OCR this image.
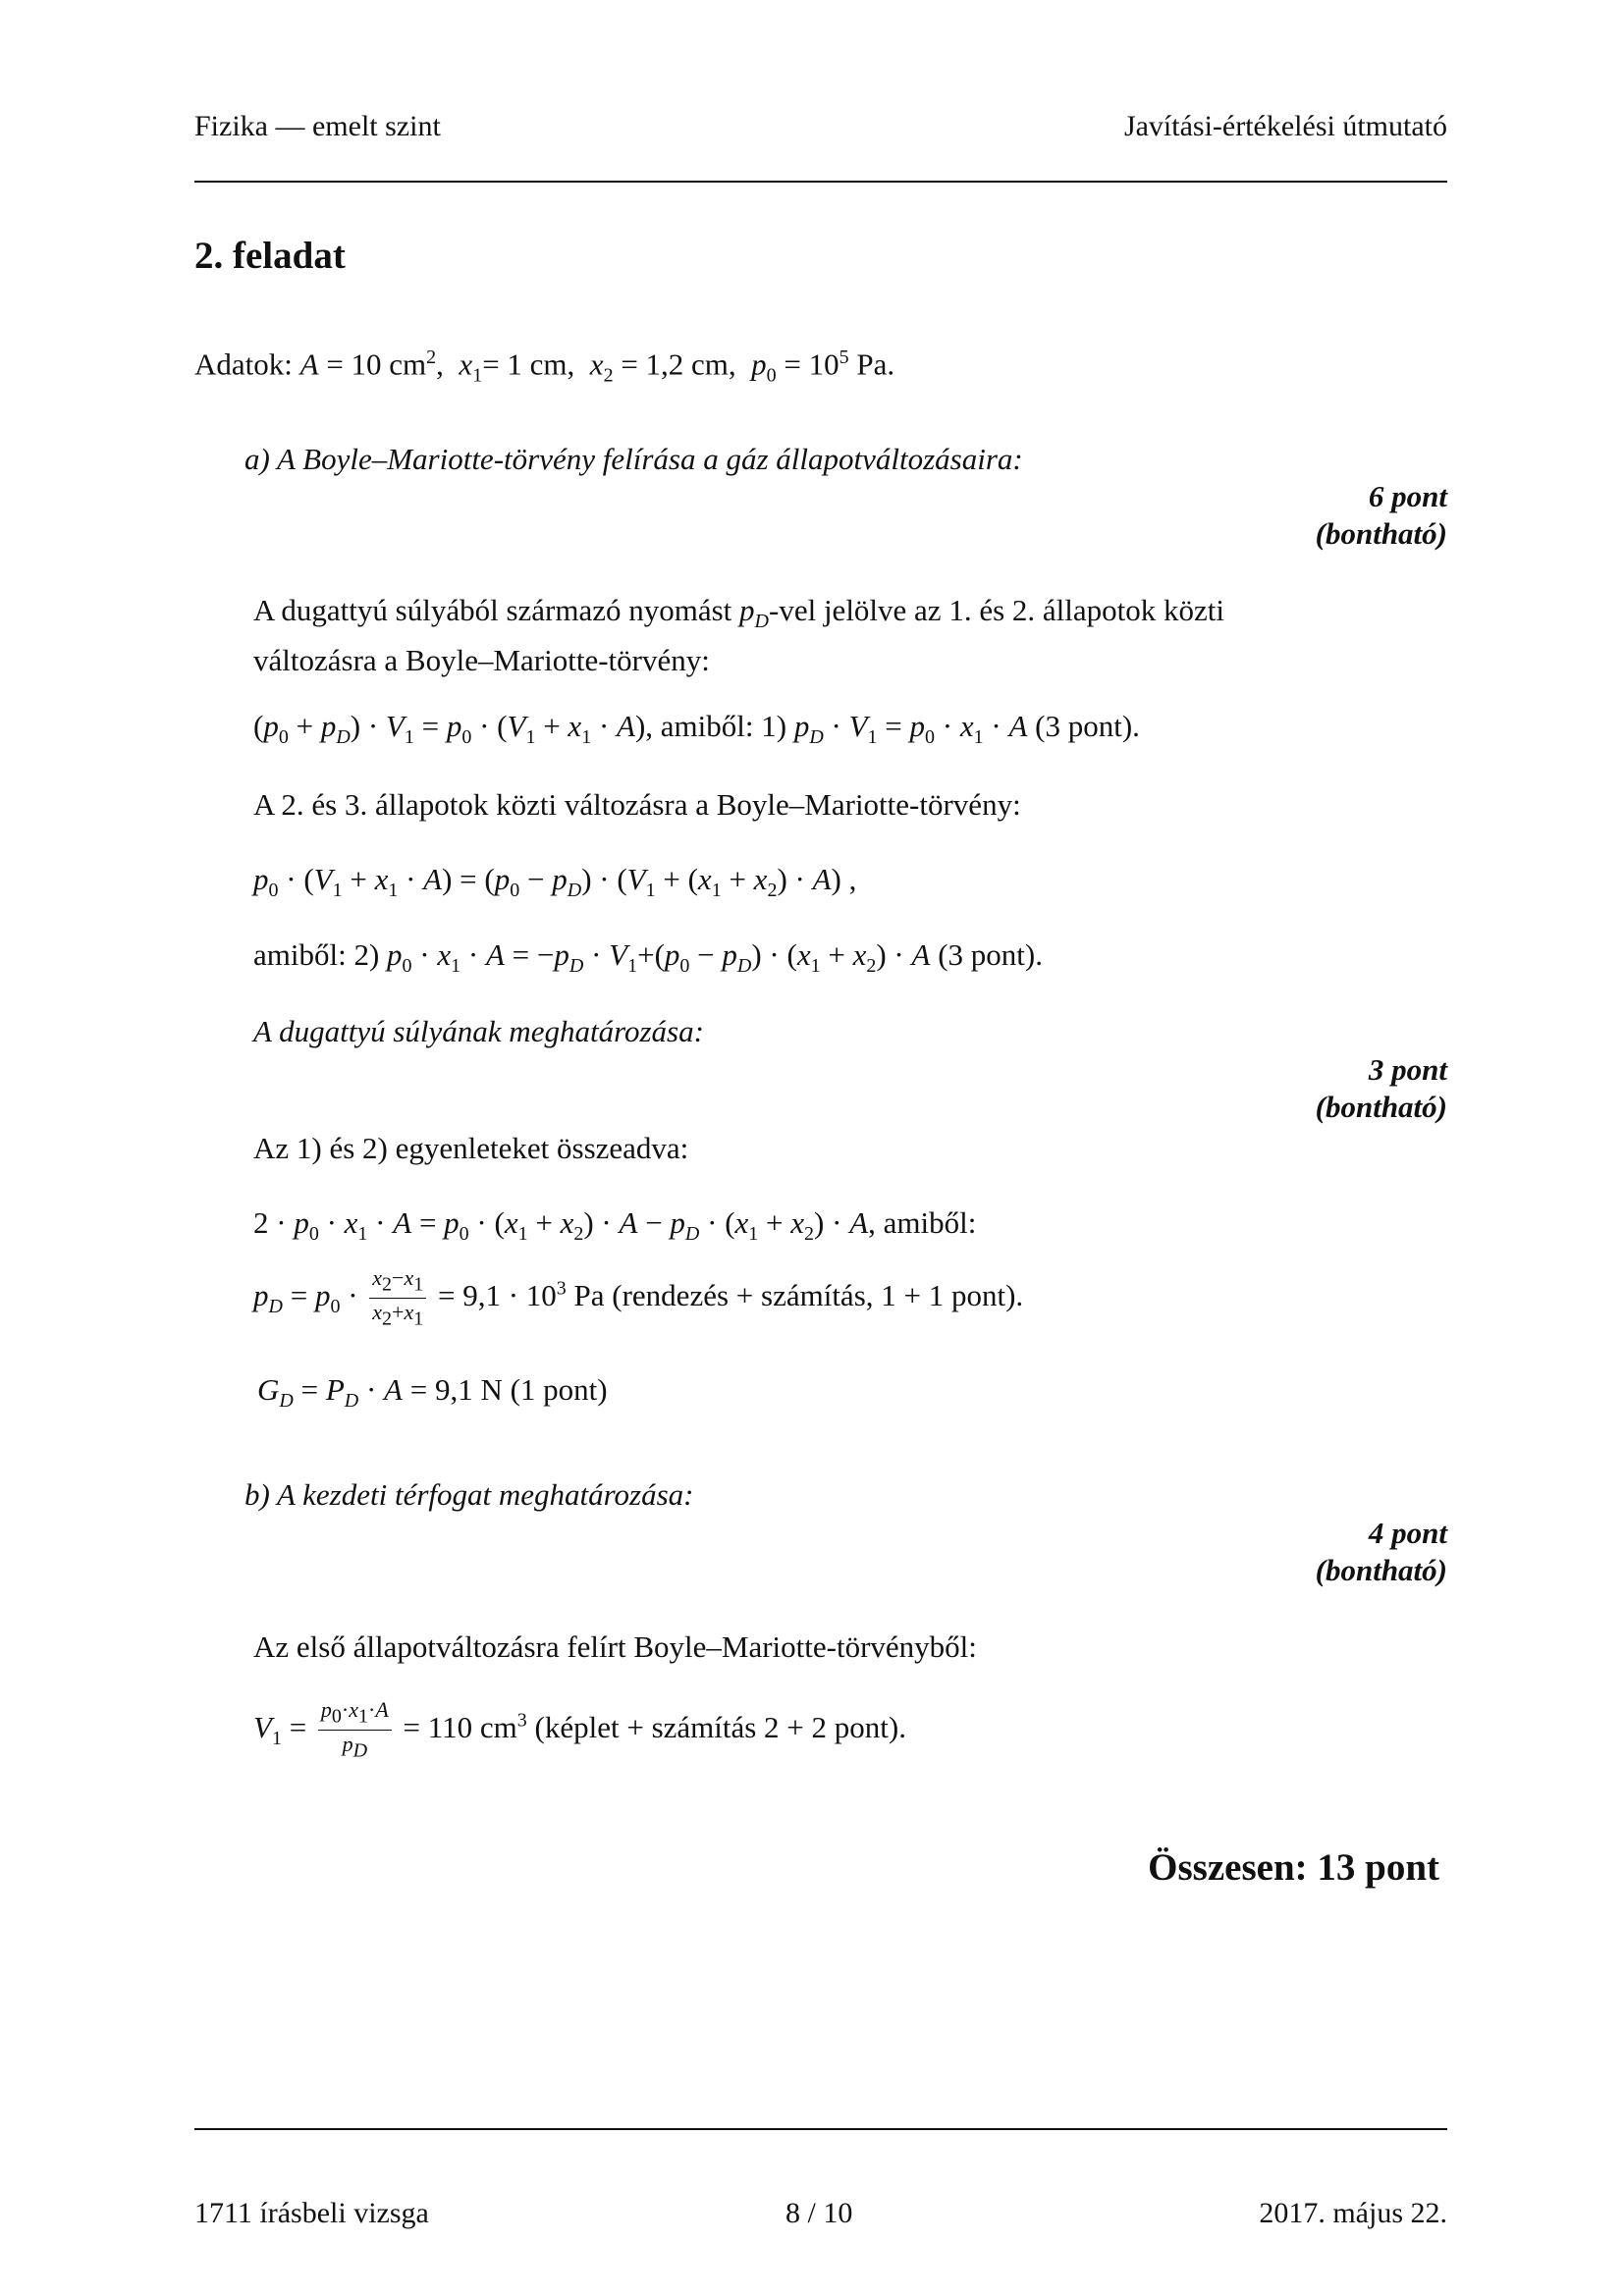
Fizika — emelt szint	Javítási-értékelési útmutató
2. feladat
Adatok: A = 10 $cm^2$,  $x_1= 1$ cm, $x_2 = 1,2$ cm, $p_0 = 10^5$ Pa.
a) A Boyle–Mariotte-törvény felírása a gáz állapotváltozásaira:
6 pont
(bontható)
A dugattyú súlyából származó nyomást $p_D$-vel jelölve az 1. és 2. állapotok közti
változásra a Boyle–Mariotte-törvény:
$(p_0 + p_D) \cdot V_1 = p_0 \cdot (V_1 + x_1 \cdot A)$, amiből: 1) $p_D \cdot V_1 = p_0 \cdot x_1 \cdot A$ (3 pont).
A 2. és 3. állapotok közti változásra a Boyle–Mariotte-törvény:
$p_0 \cdot (V_1 + x_1 \cdot A) = (p_0 - p_D) \cdot (V_1 + (x_1 + x_2) \cdot A)$ ,
amiből: 2) $p_0 \cdot x_1 \cdot A = -p_D \cdot V_1+(p_0 - p_D) \cdot (x_1 + x_2) \cdot A$ (3 pont).
A dugattyú súlyának meghatározása:
3 pont
(bontható)
Az 1) és 2) egyenleteket összeadva:
$2 \cdot p_0 \cdot x_1 \cdot A = p_0 \cdot (x_1 + x_2) \cdot A - p_D \cdot (x_1 + x_2) \cdot A$, amiből:
$p_D = p_0 \cdot \frac{x_2-x_1}{x_2+x_1} = 9,1 \cdot 10^3$ Pa (rendezés + számítás, 1 + 1 pont).
$G_D = P_D \cdot A = 9,1$ N (1 pont)
b) A kezdeti térfogat meghatározása:
4 pont
(bontható)
Az első állapotváltozásra felírt Boyle–Mariotte-törvényből:
$V_1 = \frac{p_0\cdot x_1\cdot A}{p_D} = 110$ $cm^3$ (képlet + számítás 2 + 2 pont).
Összesen: 13 pont
1711 írásbeli vizsga	8 / 10	2017. május 22.
